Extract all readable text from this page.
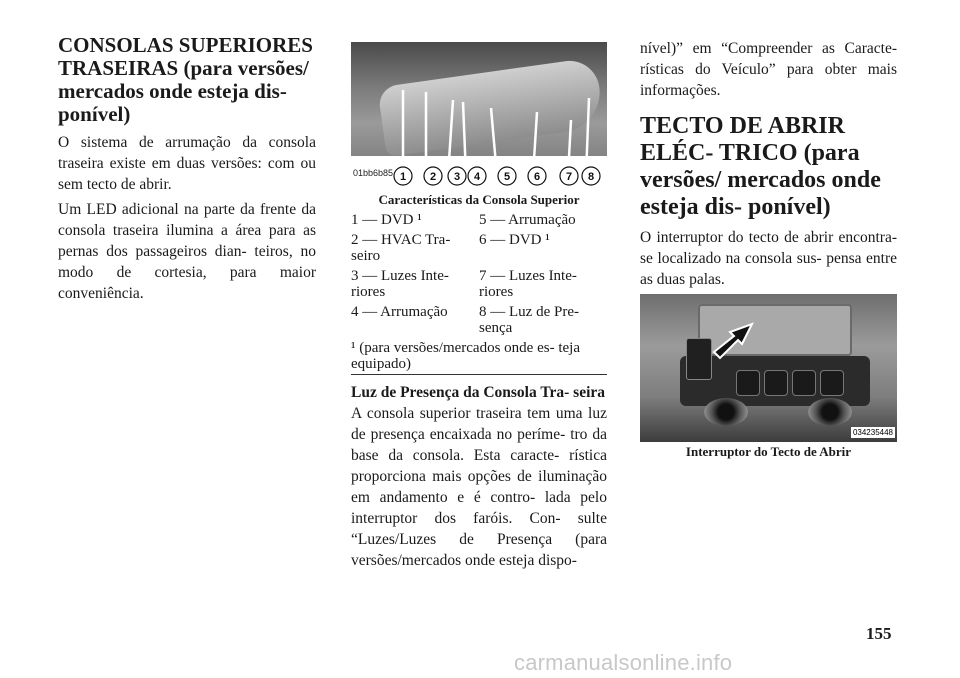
CONSOLAS SUPERIORES TRASEIRAS (para versões/ mercados onde esteja dis- ponível)
O sistema de arrumação da consola traseira existe em duas versões: com ou sem tecto de abrir.
Um LED adicional na parte da frente da consola traseira ilumina a área para as pernas dos passageiros dian- teiros, no modo de cortesia, para maior conveniência.
01bb6b85 1 2 3 4 5 6 7 8
Características da Consola Superior
1 — DVD ¹	5 — Arrumação
2 — HVAC Tra- seiro	6 — DVD ¹
3 — Luzes Inte- riores	7 — Luzes Inte- riores
4 — Arrumação	8 — Luz de Pre- sença
¹ (para versões/mercados onde es- teja equipado)
Luz de Presença da Consola Tra- seira
A consola superior traseira tem uma luz de presença encaixada no períme- tro da base da consola. Esta caracte- rística proporciona mais opções de iluminação em andamento e é contro- lada pelo interruptor dos faróis. Con- sulte “Luzes/Luzes de Presença (para versões/mercados onde esteja dispo-
nível)” em “Compreender as Caracte- rísticas do Veículo” para obter mais informações.
TECTO DE ABRIR ELÉC- TRICO (para versões/ mercados onde esteja dis- ponível)
O interruptor do tecto de abrir encontra-se localizado na consola sus- pensa entre as duas palas.
034235448
Interruptor do Tecto de Abrir
155
carmanualsonline.info
